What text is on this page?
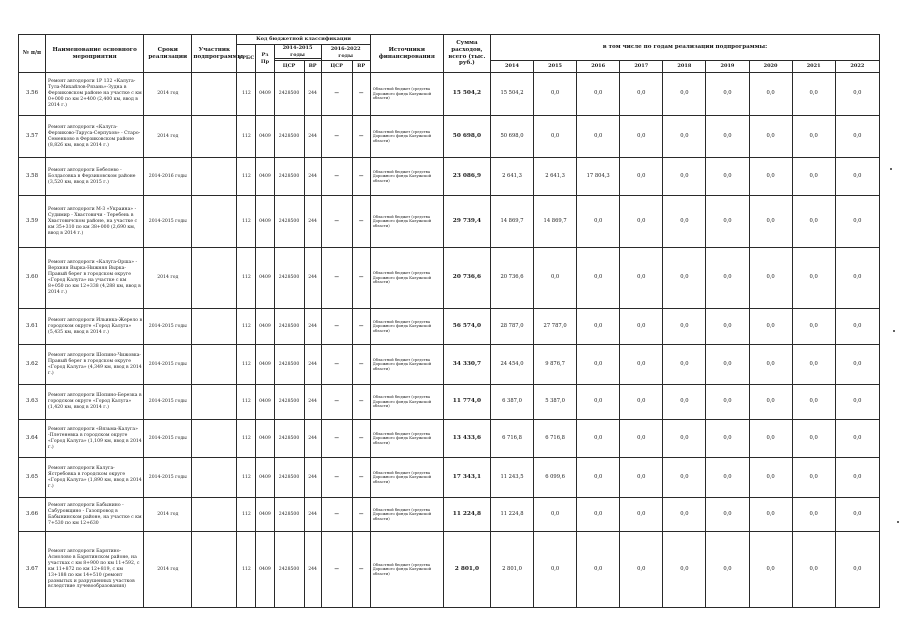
№ п/п	Наименование основного мероприятия	Сроки реализации	Участник подпрограммы	Код бюджетной классификации						Источники финансирования	Сумма расходов, всего (тыс. руб.)	в том числе по годам реализации подпрограммы:								
				ГРБС	Рз Пр	2014-2015 годы		2016-2022 годы												

						ЦСР	ВР	ЦСР	ВР			2014	2015	2016	2017	2018	2019	2020	2021	2022
3.56	Ремонт автодороги 1Р 132 «Калуга-Тула-Михайлов-Рязань»-Зудна в Ферзиковском районе на участке с км 0+000 по км 2+400 (2,400 км, ввод в 2014 г.)	2014 год		112	0409	2428500	244	—	—	Областной бюджет (средства Дорожного фонда Калужской области)	15 504,2	15 504,2	0,0	0,0	0,0	0,0	0,0	0,0	0,0	0,0
3.57	Ремонт автодороги «Калуга-Ферзиково-Таруса-Серпухов» - Старо-Семенково в Ферзиковском районе (8,826 км, ввод в 2014 г.)	2014 год		112	0409	2428500	244	—	—	Областной бюджет (средства Дорожного фонда Калужской области)	50 698,0	50 698,0	0,0	0,0	0,0	0,0	0,0	0,0	0,0	0,0
3.58	Ремонт автодороги Бебелево - Болдасовка в Ферзиковском районе (3,520 км, ввод в 2015 г.)	2014-2016 годы		112	0409	2428500	244	—	—	Областной бюджет (средства Дорожного фонда Калужской области)	23 086,9	2 641,3	2 641,3	17 804,3	0,0	0,0	0,0	0,0	0,0	0,0
3.59	Ремонт автодороги М-3 «Украина» - Судимир - Хвастовичи - Теребень в Хвастовичском районе, на участке с км 35+310 по км 38+000 (2,690 км, ввод в 2014 г.)	2014-2015 годы		112	0409	2428500	244	—	—	Областной бюджет (средства Дорожного фонда Калужской области)	29 739,4	14 869,7	14 869,7	0,0	0,0	0,0	0,0	0,0	0,0	0,0
3.60	Ремонт автодороги «Калуга-Орша» - Верхняя Вырка-Нижняя Вырка-Правый берег в городском округе «Город Калуга» на участке с км 8+050 по км 12+338 (4,288 км, ввод в 2014 г.)	2014 год		112	0409	2428500	244	—	—	Областной бюджет (средства Дорожного фонда Калужской области)	20 736,6	20 736,6	0,0	0,0	0,0	0,0	0,0	0,0	0,0	0,0
3.61	Ремонт автодороги Ильинка-Жерело в городском округе «Город Калуга» (5,435 км, ввод в 2014 г.)	2014-2015 годы		112	0409	2428500	244	—	—	Областной бюджет (средства Дорожного фонда Калужской области)	56 574,0	28 787,0	27 787,0	0,0	0,0	0,0	0,0	0,0	0,0	0,0
3.62	Ремонт автодороги Шопино-Чижовка-Правый берег в городском округе «Город Калуга» (4,349 км, ввод в 2014 г.)	2014-2015 годы		112	0409	2428500	244	—	—	Областной бюджет (средства Дорожного фонда Калужской области)	34 330,7	24 454,0	9 876,7	0,0	0,0	0,0	0,0	0,0	0,0	0,0
3.63	Ремонт автодороги Шопино-Березка в городском округе «Город Калуга» (1,420 км, ввод в 2014 г.)	2014-2015 годы		112	0409	2428500	244	—	—	Областной бюджет (средства Дорожного фонда Калужской области)	11 774,0	6 387,0	5 387,0	0,0	0,0	0,0	0,0	0,0	0,0	0,0
3.64	Ремонт автодороги «Вязьма-Калуга» -Плетеневка в городском округе «Город Калуга» (1,109 км, ввод в 2014 г.)	2014-2015 годы		112	0409	2428500	244	—	—	Областной бюджет (средства Дорожного фонда Калужской области)	13 433,6	6 716,8	6 716,8	0,0	0,0	0,0	0,0	0,0	0,0	0,0
3.65	Ремонт автодороги Калуга-Ястребовка в городском округе «Город Калуга» (1,890 км, ввод в 2014 г.)	2014-2015 годы		112	0409	2428500	244	—	—	Областной бюджет (средства Дорожного фонда Калужской области)	17 343,1	11 243,5	6 099,6	0,0	0,0	0,0	0,0	0,0	0,0	0,0
3.66	Ремонт автодороги Бабынино - Сабуровщино - Газопровод в Бабынинском районе, на участке с км 7+530 по км 12+630	2014 год		112	0409	2428500	244	—	—	Областной бюджет (средства Дорожного фонда Калужской области)	11 224,8	11 224,8	0,0	0,0	0,0	0,0	0,0	0,0	0,0	0,0
3.67	Ремонт автодороги Барятино-Асмолово в Барятинском районе, на участках с км 8+900 по км 11+592, с км 11+872 по км 12+819, с км 13+188 по км 14+510 (ремонт размытых и разрушенных участков вследствие лучевообразования)	2014 год		112	0409	2428500	244	—	—	Областной бюджет (средства Дорожного фонда Калужской области)	2 801,0	2 801,0	0,0	0,0	0,0	0,0	0,0	0,0	0,0	0,0
